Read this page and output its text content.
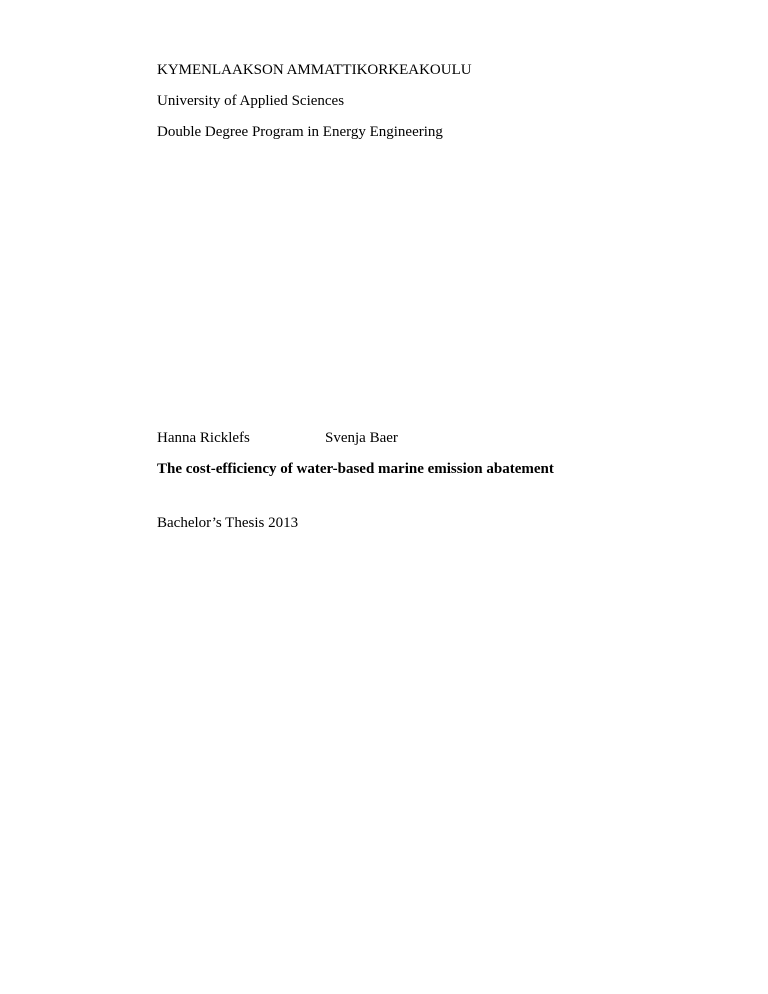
KYMENLAAKSON AMMATTIKORKEAKOULU
University of Applied Sciences
Double Degree Program in Energy Engineering
Hanna Ricklefs	Svenja Baer
The cost-efficiency of water-based marine emission abatement
Bachelor’s Thesis 2013
